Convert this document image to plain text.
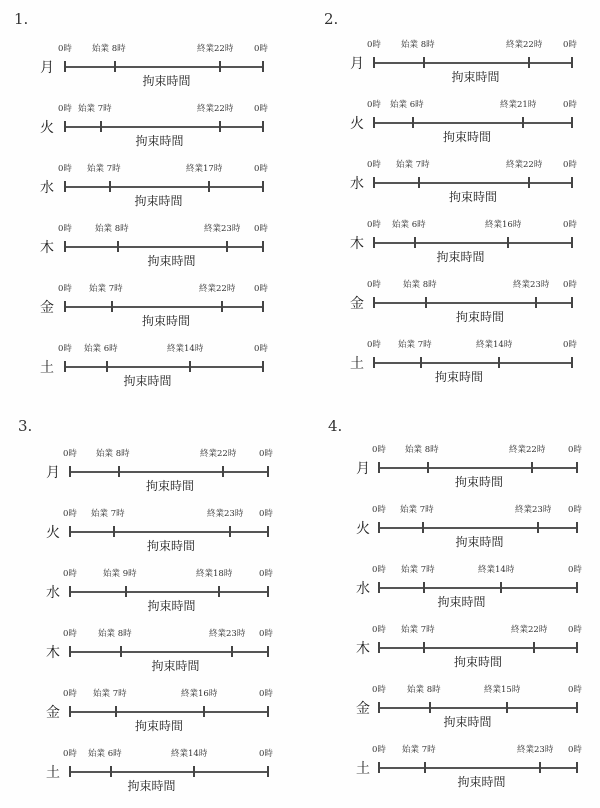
1.
月
0時 始業 8時	終業22時 0時
拘束時間
火
0時 始業 7時	終業22時 0時
拘束時間
水
0時 始業 7時	終業17時	0時
拘束時間
木
0時	始業 8時	終業23時 0時
拘束時間
金
0時 始業 7時	終業22時 0時
拘束時間
土
0時 始業 6時	終業14時	0時
拘束時間
2.
月
0時 始業 8時	終業22時 0時
拘束時間
火
0時 始業 6時	終業21時	0時
拘束時間
水
0時 始業 7時	終業22時 0時
拘束時間
木
0時 始業 6時	終業16時	0時
拘束時間
金
0時	始業 8時	終業23時 0時
拘束時間
土
0時 始業 7時	終業14時	0時
拘束時間
3.
月
0時 始業 8時	終業22時	0時
拘束時間
火
0時 始業 7時	終業23時 0時
拘束時間
水
0時	始業 9時	終業18時	0時
拘束時間
木
0時 始業 8時	終業23時 0時
拘束時間
金
0時 始業 7時	終業16時	0時
拘束時間
土
0時 始業 6時	終業14時	0時
拘束時間
4.
月
0時 始業 8時	終業22時	0時
拘束時間
火
0時 始業 7時	終業23時 0時
拘束時間
水
0時 始業 7時	終業14時	0時
拘束時間
木
0時 始業 7時	終業22時 0時
拘束時間
金
0時 始業 8時	終業15時	0時
拘束時間
土
0時 始業 7時	終業23時 0時
拘束時間
